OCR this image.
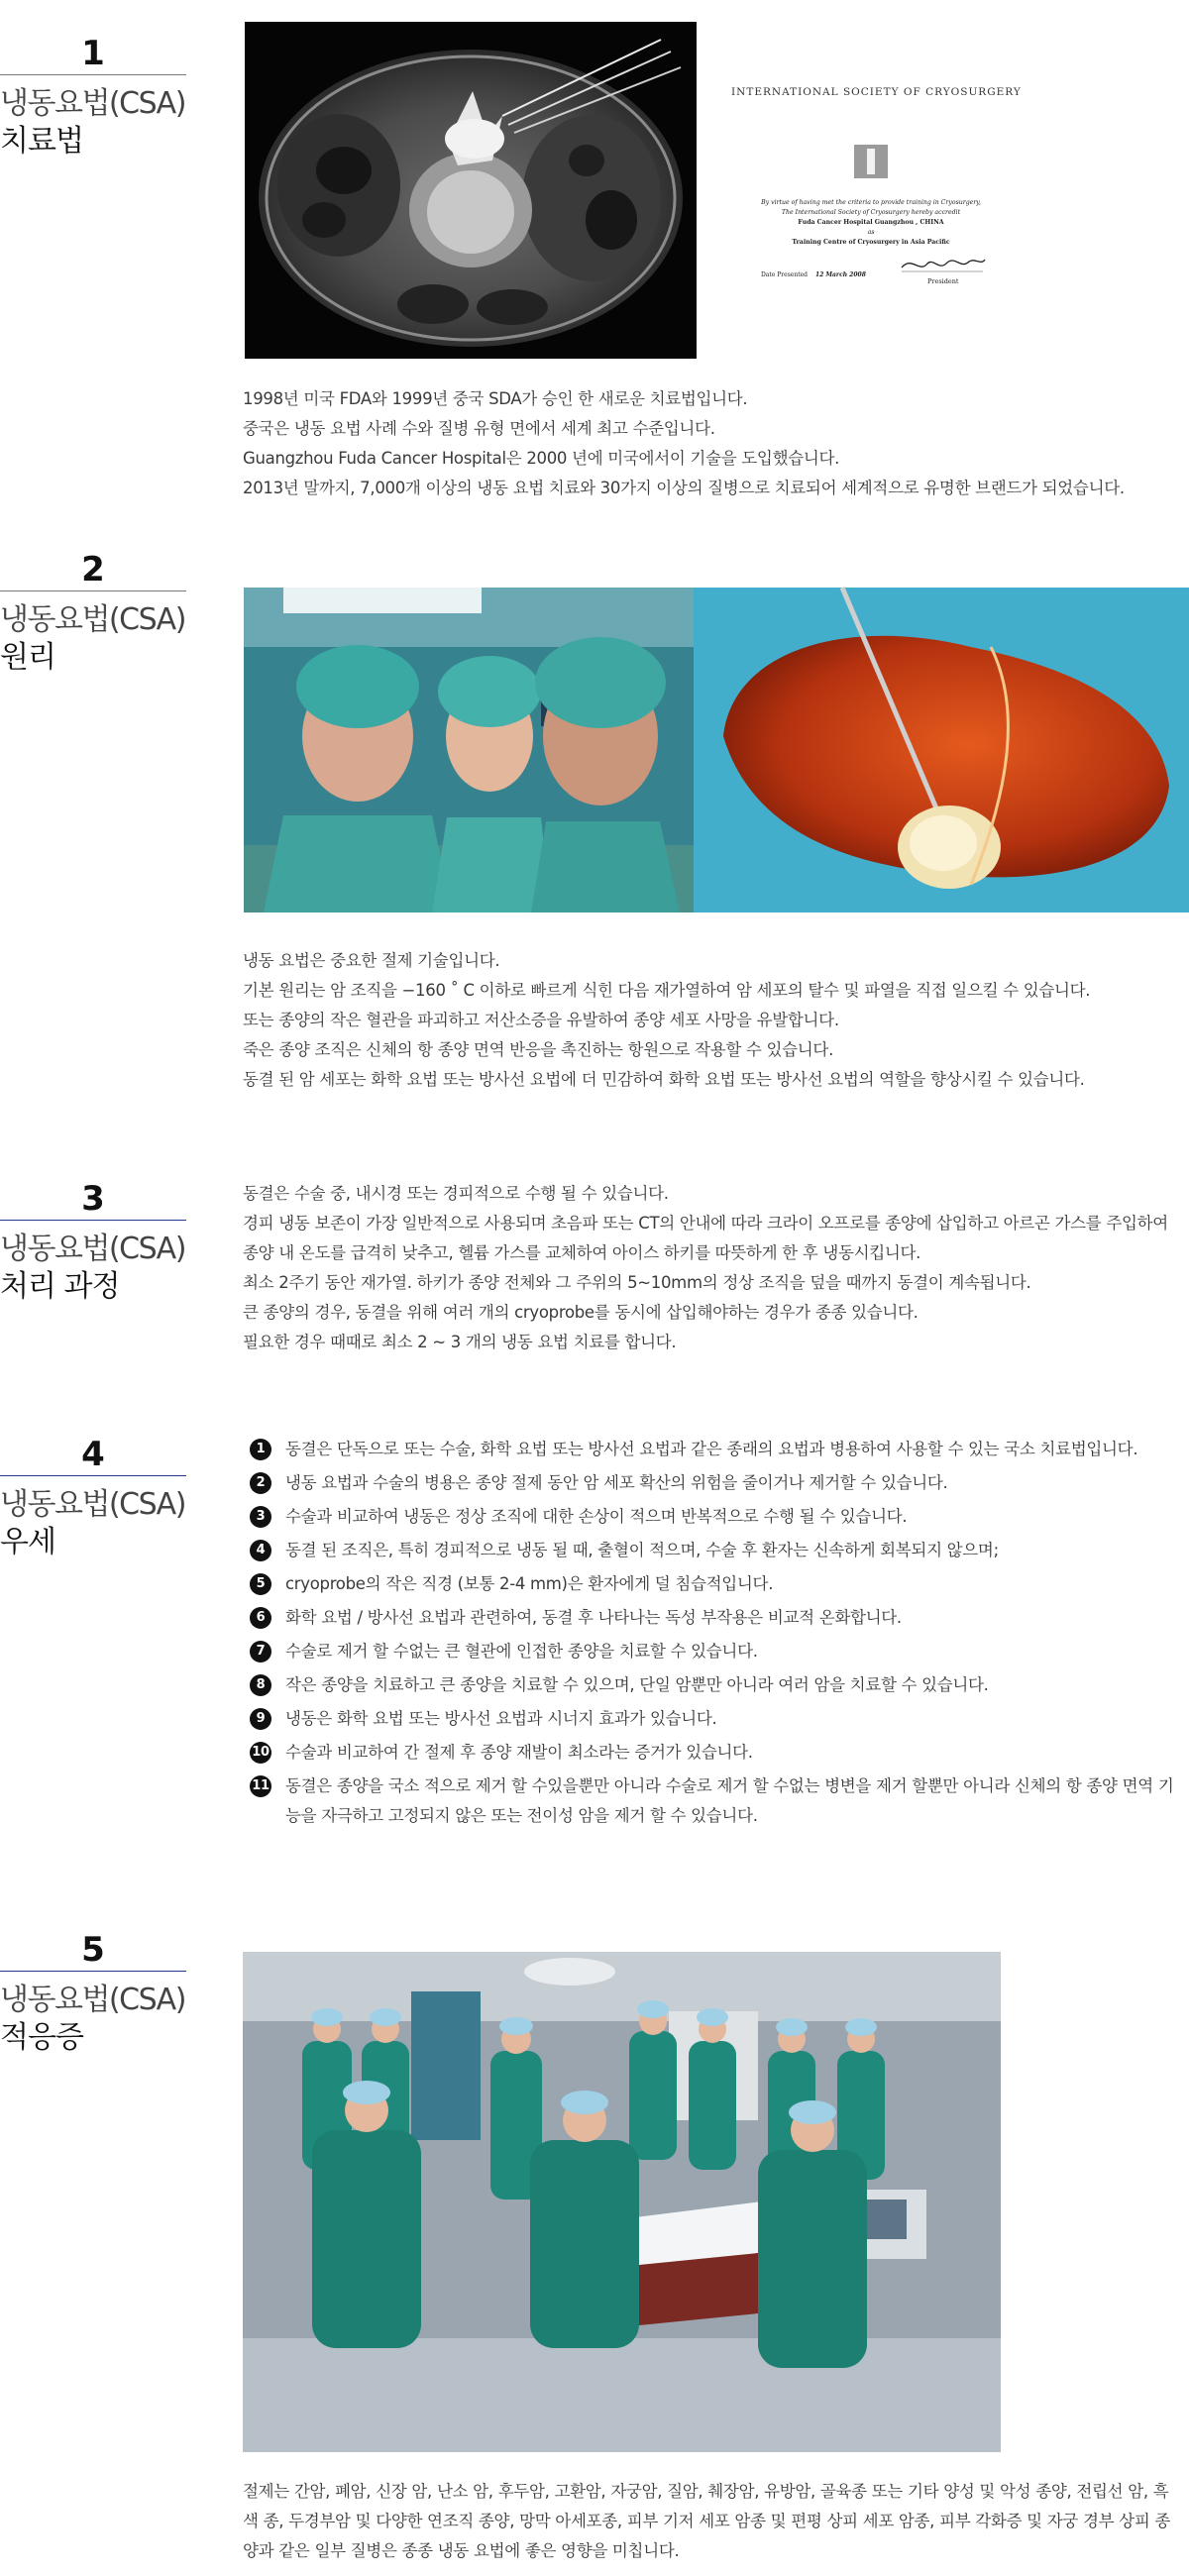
1
냉동요법(CSA)
치료법
INTERNATIONAL SOCIETY OF CRYOSURGERY
By virtue of having met the criteria to provide training in Cryosurgery,
The International Society of Cryosurgery hereby accredit
Fuda Cancer Hospital Guangzhou , CHINA
as
Training Centre of Cryosurgery in Asia Pacific
Date Presented 12 March 2008
President
1998년 미국 FDA와 1999년 중국 SDA가 승인 한 새로운 치료법입니다.
중국은 냉동 요법 사례 수와 질병 유형 면에서 세계 최고 수준입니다.
Guangzhou Fuda Cancer Hospital은 2000 년에 미국에서이 기술을 도입했습니다.
2013년 말까지, 7,000개 이상의 냉동 요법 치료와 30가지 이상의 질병으로 치료되어 세계적으로 유명한 브랜드가 되었습니다.
2
냉동요법(CSA)
원리
냉동 요법은 중요한 절제 기술입니다.
기본 원리는 암 조직을 −160 ˚ C 이하로 빠르게 식힌 다음 재가열하여 암 세포의 탈수 및 파열을 직접 일으킬 수 있습니다.
또는 종양의 작은 혈관을 파괴하고 저산소증을 유발하여 종양 세포 사망을 유발합니다.
죽은 종양 조직은 신체의 항 종양 면역 반응을 촉진하는 항원으로 작용할 수 있습니다.
동결 된 암 세포는 화학 요법 또는 방사선 요법에 더 민감하여 화학 요법 또는 방사선 요법의 역할을 향상시킬 수 있습니다.
3
냉동요법(CSA)
처리 과정
동결은 수술 중, 내시경 또는 경피적으로 수행 될 수 있습니다.
경피 냉동 보존이 가장 일반적으로 사용되며 초음파 또는 CT의 안내에 따라 크라이 오프로를 종양에 삽입하고 아르곤 가스를 주입하여
종양 내 온도를 급격히 낮추고, 헬륨 가스를 교체하여 아이스 하키를 따뜻하게 한 후 냉동시킵니다.
최소 2주기 동안 재가열. 하키가 종양 전체와 그 주위의 5~10mm의 정상 조직을 덮을 때까지 동결이 계속됩니다.
큰 종양의 경우, 동결을 위해 여러 개의 cryoprobe를 동시에 삽입해야하는 경우가 종종 있습니다.
필요한 경우 때때로 최소 2 ~ 3 개의 냉동 요법 치료를 합니다.
4
냉동요법(CSA)
우세
1	동결은 단독으로 또는 수술, 화학 요법 또는 방사선 요법과 같은 종래의 요법과 병용하여 사용할 수 있는 국소 치료법입니다.
2	냉동 요법과 수술의 병용은 종양 절제 동안 암 세포 확산의 위험을 줄이거나 제거할 수 있습니다.
3	수술과 비교하여 냉동은 정상 조직에 대한 손상이 적으며 반복적으로 수행 될 수 있습니다.
4	동결 된 조직은, 특히 경피적으로 냉동 될 때, 출혈이 적으며, 수술 후 환자는 신속하게 회복되지 않으며;
5	cryoprobe의 작은 직경 (보통 2-4 mm)은 환자에게 덜 침습적입니다.
6	화학 요법 / 방사선 요법과 관련하여, 동결 후 나타나는 독성 부작용은 비교적 온화합니다.
7	수술로 제거 할 수없는 큰 혈관에 인접한 종양을 치료할 수 있습니다.
8	작은 종양을 치료하고 큰 종양을 치료할 수 있으며, 단일 암뿐만 아니라 여러 암을 치료할 수 있습니다.
9	냉동은 화학 요법 또는 방사선 요법과 시너지 효과가 있습니다.
10 수술과 비교하여 간 절제 후 종양 재발이 최소라는 증거가 있습니다.
11 동결은 종양을 국소 적으로 제거 할 수있을뿐만 아니라 수술로 제거 할 수없는 병변을 제거 할뿐만 아니라 신체의 항 종양 면역 기능을 자극하고 고정되지 않은 또는 전이성 암을 제거 할 수 있습니다.
5
냉동요법(CSA)
적응증
절제는 간암, 폐암, 신장 암, 난소 암, 후두암, 고환암, 자궁암, 질암, 췌장암, 유방암, 골육종 또는 기타 양성 및 악성 종양, 전립선 암, 흑색 종, 두경부암 및 다양한 연조직 종양, 망막 아세포종, 피부 기저 세포 암종 및 편평 상피 세포 암종, 피부 각화증 및 자궁 경부 상피 종양과 같은 일부 질병은 종종 냉동 요법에 좋은 영향을 미칩니다.
